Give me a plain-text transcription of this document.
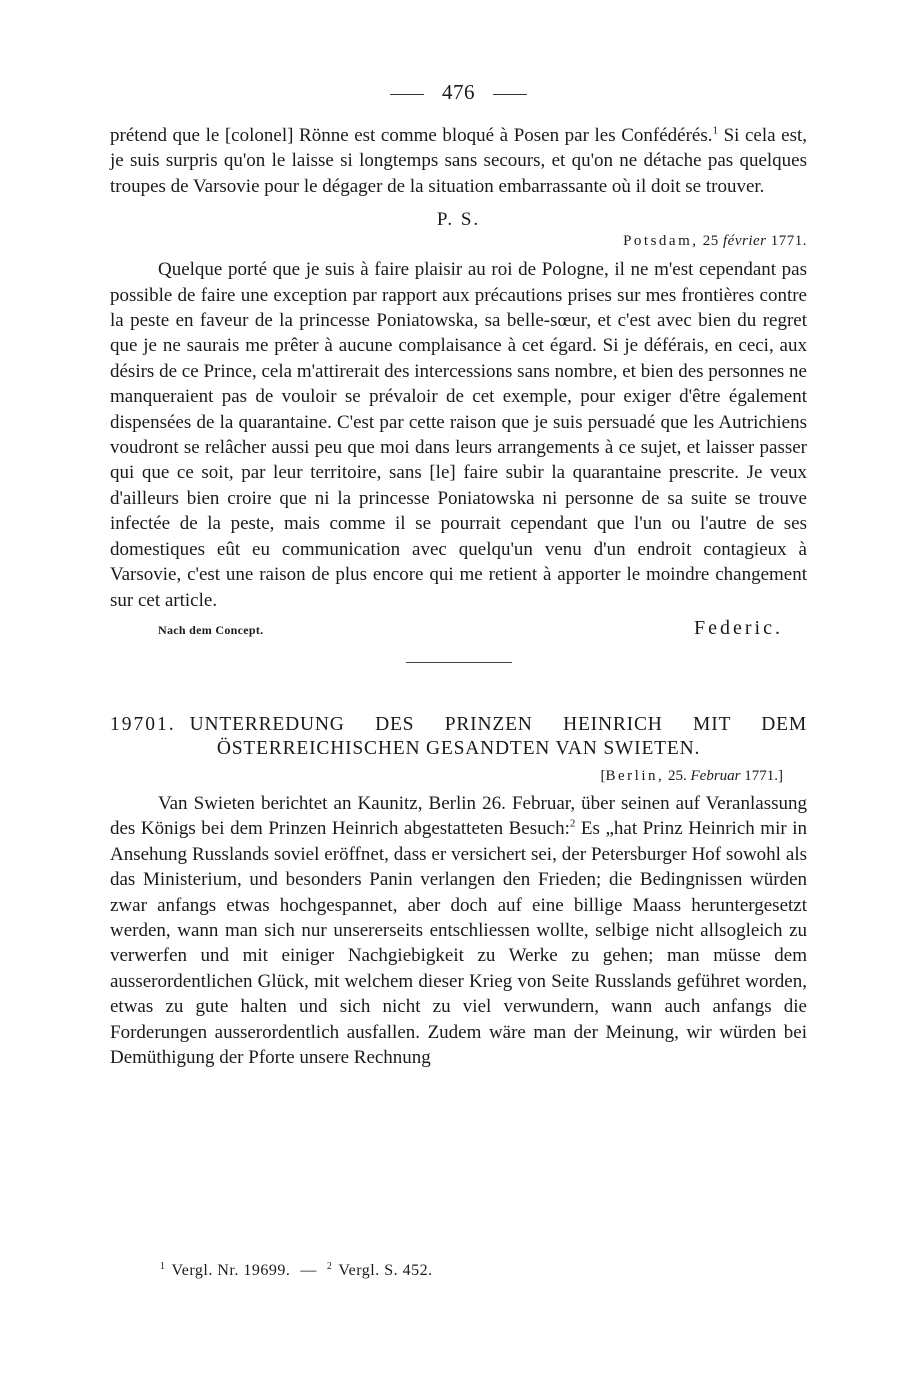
476

prétend que le [colonel] Rönne est comme bloqué à Posen par les Confédérés.$^1$ Si cela est, je suis surpris qu'on le laisse si longtemps sans secours, et qu'on ne détache pas quelques troupes de Varsovie pour le dégager de la situation embarrassante où il doit se trouver.

P. S.
Potsdam, 25 février 1771.

Quelque porté que je suis à faire plaisir au roi de Pologne, il ne m'est cependant pas possible de faire une exception par rapport aux précautions prises sur mes frontières contre la peste en faveur de la princesse Poniatowska, sa belle-sœur, et c'est avec bien du regret que je ne saurais me prêter à aucune complaisance à cet égard. Si je déférais, en ceci, aux désirs de ce Prince, cela m'attirerait des intercessions sans nombre, et bien des personnes ne manqueraient pas de vouloir se prévaloir de cet exemple, pour exiger d'être également dispensées de la quarantaine. C'est par cette raison que je suis persuadé que les Autrichiens voudront se relâcher aussi peu que moi dans leurs arrangements à ce sujet, et laisser passer qui que ce soit, par leur territoire, sans [le] faire subir la quarantaine prescrite. Je veux d'ailleurs bien croire que ni la princesse Poniatowska ni personne de sa suite se trouve infectée de la peste, mais comme il se pourrait cependant que l'un ou l'autre de ses domestiques eût eu communication avec quelqu'un venu d'un endroit contagieux à Varsovie, c'est une raison de plus encore qui me retient à apporter le moindre changement sur cet article.

Nach dem Concept.	Federic.
19701. UNTERREDUNG DES PRINZEN HEINRICH MIT DEM
ÖSTERREICHISCHEN GESANDTEN VAN SWIETEN.
[Berlin, 25. Februar 1771.]

Van Swieten berichtet an Kaunitz, Berlin 26. Februar, über seinen auf Veranlassung des Königs bei dem Prinzen Heinrich abgestatteten Besuch:$^2$ Es „hat Prinz Heinrich mir in Ansehung Russlands soviel eröffnet, dass er versichert sei, der Petersburger Hof sowohl als das Ministerium, und besonders Panin verlangen den Frieden; die Bedingnissen würden zwar anfangs etwas hochgespannet, aber doch auf eine billige Maass heruntergesetzt werden, wann man sich nur unsererseits entschliessen wollte, selbige nicht allsogleich zu verwerfen und mit einiger Nachgiebigkeit zu Werke zu gehen; man müsse dem ausserordentlichen Glück, mit welchem dieser Krieg von Seite Russlands geführet worden, etwas zu gute halten und sich nicht zu viel verwundern, wann auch anfangs die Forderungen ausserordentlich ausfallen. Zudem wäre man der Meinung, wir würden bei Demüthigung der Pforte unsere Rechnung

$^1$ Vergl. Nr. 19699. — $^2$ Vergl. S. 452.
